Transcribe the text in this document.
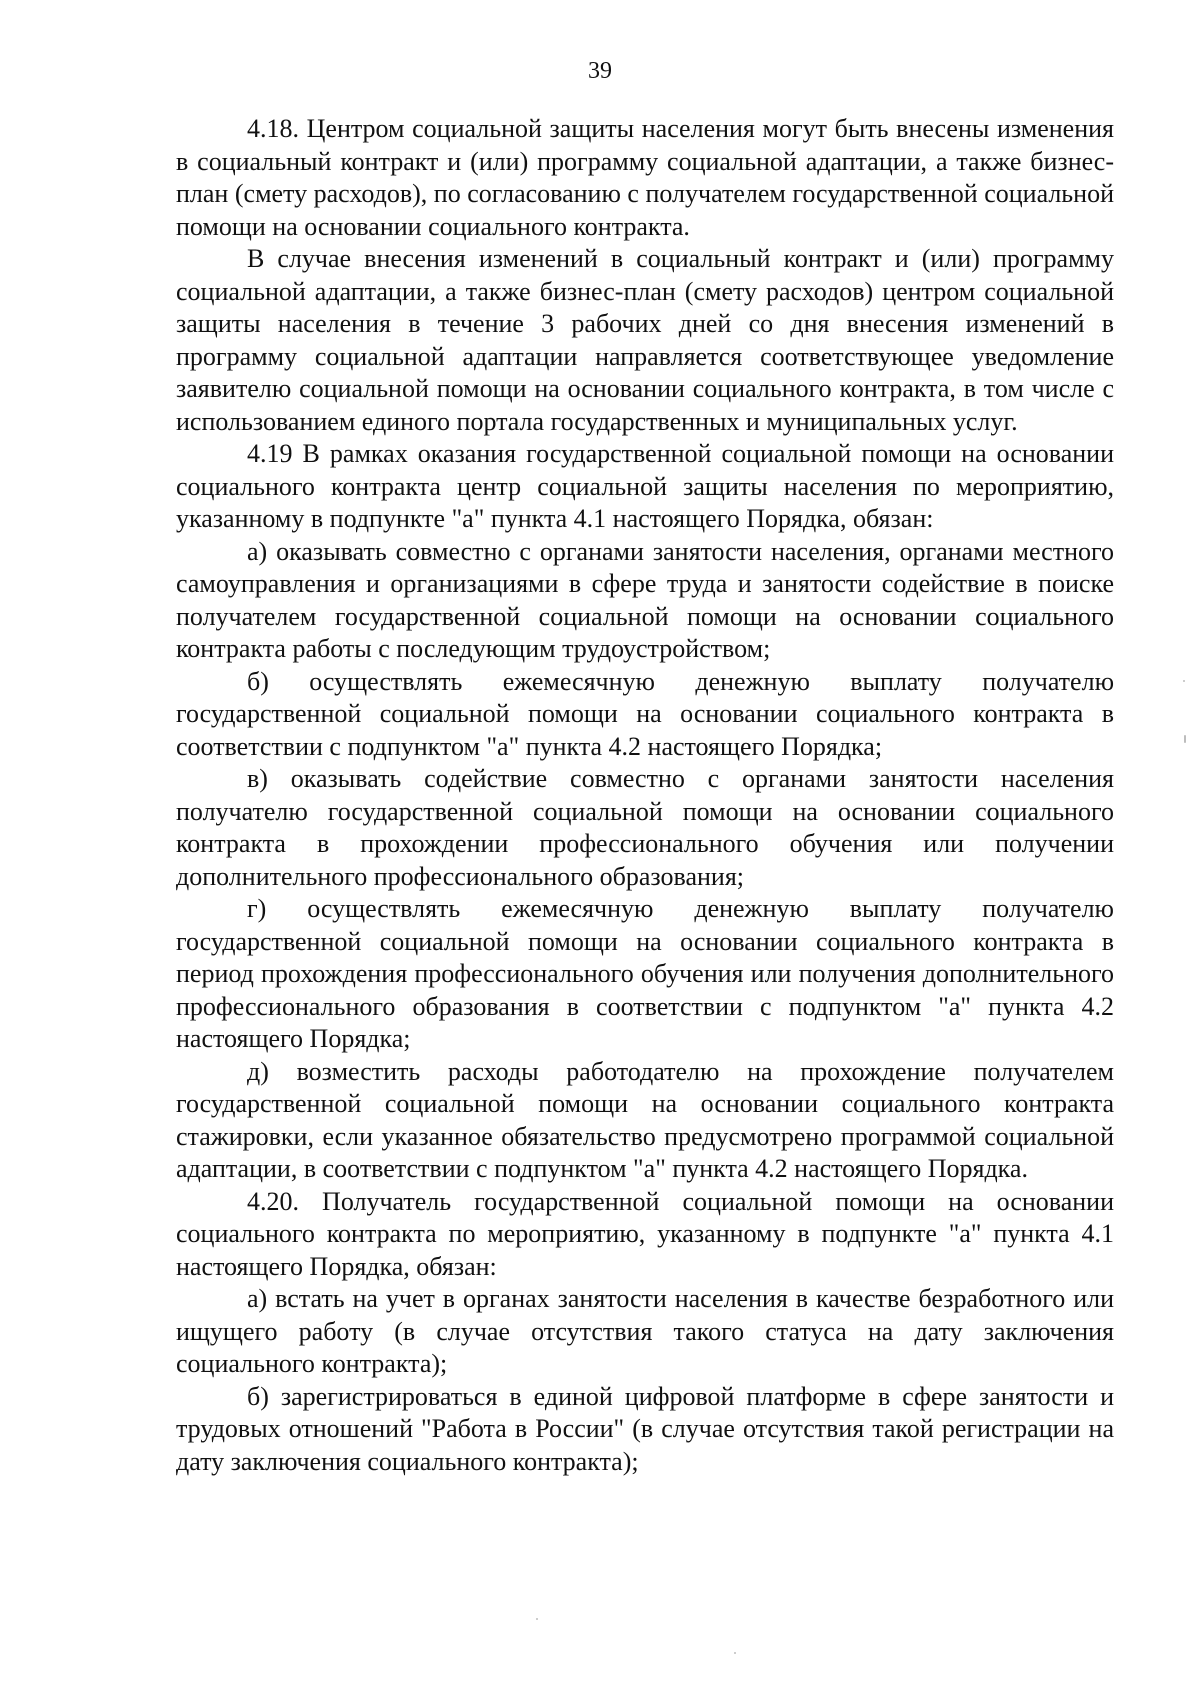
39

4.18. Центром социальной защиты населения могут быть внесены изменения в социальный контракт и (или) программу социальной адаптации, а также бизнес-план (смету расходов), по согласованию с получателем государственной социальной помощи на основании социального контракта.

В случае внесения изменений в социальный контракт и (или) программу социальной адаптации, а также бизнес-план (смету расходов) центром социальной защиты населения в течение 3 рабочих дней со дня внесения изменений в программу социальной адаптации направляется соответствующее уведомление заявителю социальной помощи на основании социального контракта, в том числе с использованием единого портала государственных и муниципальных услуг.

4.19 В рамках оказания государственной социальной помощи на основании социального контракта центр социальной защиты населения по мероприятию, указанному в подпункте "а" пункта 4.1 настоящего Порядка, обязан:

а) оказывать совместно с органами занятости населения, органами местного самоуправления и организациями в сфере труда и занятости содействие в поиске получателем государственной социальной помощи на основании социального контракта работы с последующим трудоустройством;

б) осуществлять ежемесячную денежную выплату получателю государственной социальной помощи на основании социального контракта в соответствии с подпунктом "а" пункта 4.2 настоящего Порядка;

в) оказывать содействие совместно с органами занятости населения получателю государственной социальной помощи на основании социального контракта в прохождении профессионального обучения или получении дополнительного профессионального образования;

г) осуществлять ежемесячную денежную выплату получателю государственной социальной помощи на основании социального контракта в период прохождения профессионального обучения или получения дополнительного профессионального образования в соответствии с подпунктом "а" пункта 4.2 настоящего Порядка;

д) возместить расходы работодателю на прохождение получателем государственной социальной помощи на основании социального контракта стажировки, если указанное обязательство предусмотрено программой социальной адаптации, в соответствии с подпунктом "а" пункта 4.2 настоящего Порядка.

4.20. Получатель государственной социальной помощи на основании социального контракта по мероприятию, указанному в подпункте "а" пункта 4.1 настоящего Порядка, обязан:

а) встать на учет в органах занятости населения в качестве безработного или ищущего работу (в случае отсутствия такого статуса на дату заключения социального контракта);

б) зарегистрироваться в единой цифровой платформе в сфере занятости и трудовых отношений "Работа в России" (в случае отсутствия такой регистрации на дату заключения социального контракта);
